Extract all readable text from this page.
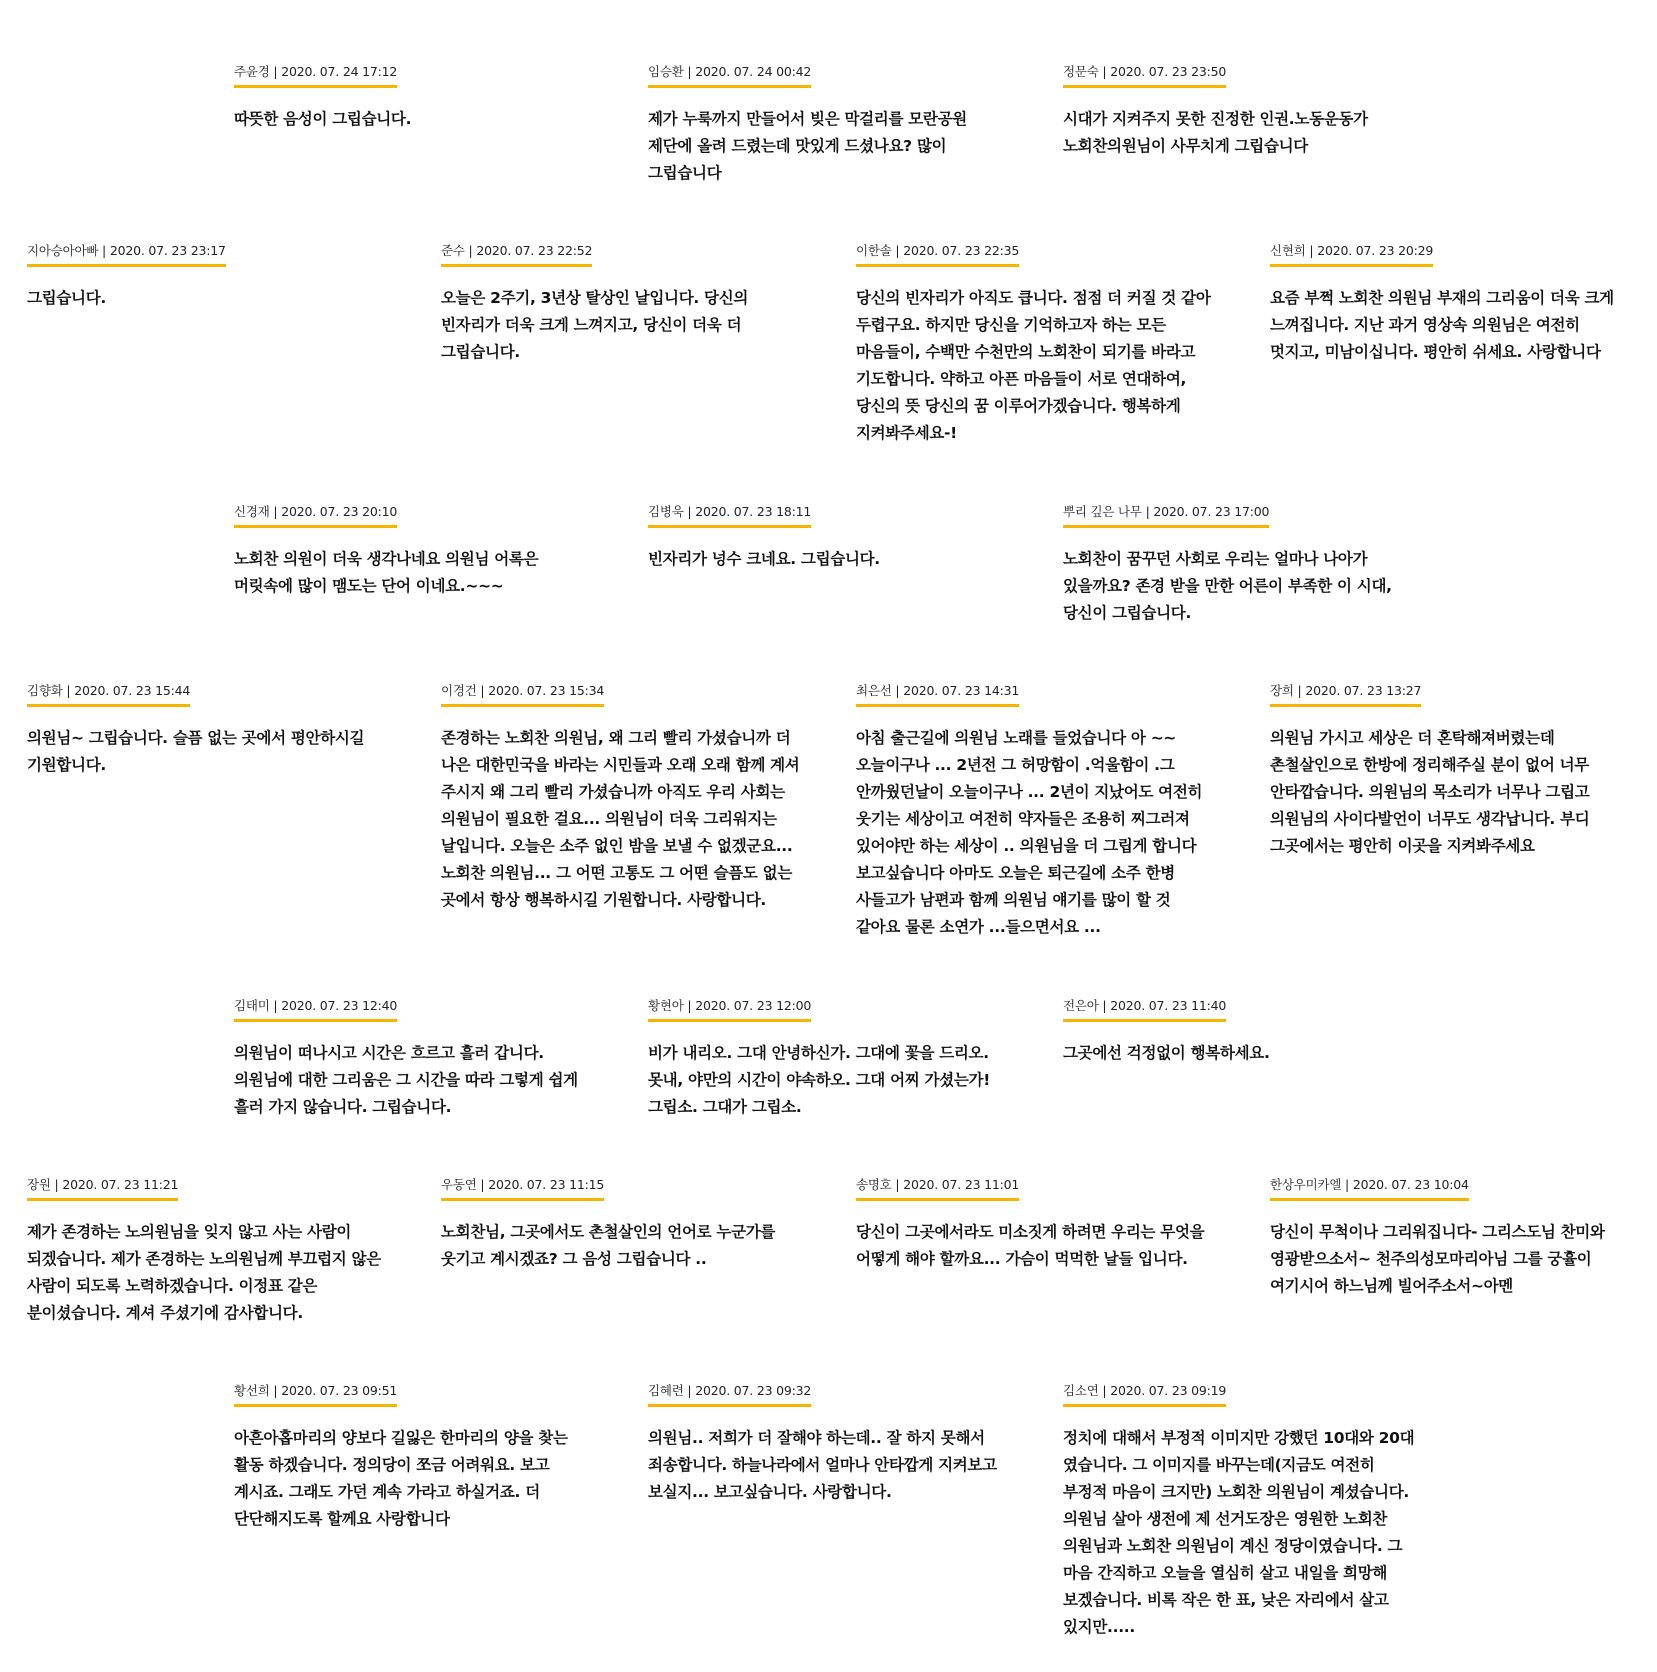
주윤경 | 2020. 07. 24 17:12
따뜻한 음성이 그립습니다.
임승환 | 2020. 07. 24 00:42
제가 누룩까지 만들어서 빚은 막걸리를 모란공원 제단에 올려 드렸는데 맛있게 드셨나요? 많이 그립습니다
정문숙 | 2020. 07. 23 23:50
시대가 지켜주지 못한 진정한 인권.노동운동가 노회찬의원님이 사무치게 그립습니다
지아승아아빠 | 2020. 07. 23 23:17
그립습니다.
준수 | 2020. 07. 23 22:52
오늘은 2주기, 3년상 탈상인 날입니다. 당신의 빈자리가 더욱 크게 느껴지고, 당신이 더욱 더 그립습니다.
이한솔 | 2020. 07. 23 22:35
당신의 빈자리가 아직도 큽니다. 점점 더 커질 것 같아 두렵구요. 하지만 당신을 기억하고자 하는 모든 마음들이, 수백만 수천만의 노회찬이 되기를 바라고 기도합니다. 약하고 아픈 마음들이 서로 연대하여, 당신의 뜻 당신의 꿈 이루어가겠습니다. 행복하게 지켜봐주세요-!
신현희 | 2020. 07. 23 20:29
요즘 부쩍 노회찬 의원님 부재의 그리움이 더욱 크게 느껴집니다. 지난 과거 영상속 의원님은 여전히 멋지고, 미남이십니다. 평안히 쉬세요. 사랑합니다
신경재 | 2020. 07. 23 20:10
노회찬 의원이 더욱 생각나네요 의원님 어록은 머릿속에 많이 맴도는 단어 이네요.~~~
김병욱 | 2020. 07. 23 18:11
빈자리가 넝수 크네요. 그립습니다.
뿌리 깊은 나무 | 2020. 07. 23 17:00
노회찬이 꿈꾸던 사회로 우리는 얼마나 나아가 있을까요? 존경 받을 만한 어른이 부족한 이 시대, 당신이 그립습니다.
김향화 | 2020. 07. 23 15:44
의원님~ 그립습니다. 슬픔 없는 곳에서 평안하시길 기원합니다.
이경건 | 2020. 07. 23 15:34
존경하는 노회찬 의원님, 왜 그리 빨리 가셨습니까 더 나은 대한민국을 바라는 시민들과 오래 오래 함께 계셔 주시지 왜 그리 빨리 가셨습니까 아직도 우리 사회는 의원님이 필요한 걸요... 의원님이 더욱 그리워지는 날입니다. 오늘은 소주 없인 밤을 보낼 수 없겠군요... 노회찬 의원님... 그 어떤 고통도 그 어떤 슬픔도 없는 곳에서 항상 행복하시길 기원합니다. 사랑합니다.
최은선 | 2020. 07. 23 14:31
아침 출근길에 의원님 노래를 들었습니다 아 ~~ 오늘이구나 ... 2년전 그 허망함이 .억울함이 .그 안까웠던날이 오늘이구나 ... 2년이 지났어도 여전히 웃기는 세상이고 여전히 약자들은 조용히 찌그러져 있어야만 하는 세상이 .. 의원님을 더 그립게 합니다 보고싶습니다 아마도 오늘은 퇴근길에 소주 한병 사들고가 남편과 함께 의원님 얘기를 많이 할 것 같아요 물론 소연가 ...들으면서요 ...
장희 | 2020. 07. 23 13:27
의원님 가시고 세상은 더 혼탁해져버렸는데 촌철살인으로 한방에 정리해주실 분이 없어 너무 안타깝습니다. 의원님의 목소리가 너무나 그립고 의원님의 사이다발언이 너무도 생각납니다. 부디 그곳에서는 평안히 이곳을 지켜봐주세요
김태미 | 2020. 07. 23 12:40
의원님이 떠나시고 시간은 흐르고 흘러 갑니다. 의원님에 대한 그리움은 그 시간을 따라 그렇게 쉽게 흘러 가지 않습니다. 그립습니다.
황현아 | 2020. 07. 23 12:00
비가 내리오. 그대 안녕하신가. 그대에 꽃을 드리오. 못내, 야만의 시간이 야속하오. 그대 어찌 가셨는가! 그립소. 그대가 그립소.
전은아 | 2020. 07. 23 11:40
그곳에선 걱정없이 행복하세요.
장원 | 2020. 07. 23 11:21
제가 존경하는 노의원님을 잊지 않고 사는 사람이 되겠습니다. 제가 존경하는 노의원님께 부끄럽지 않은 사람이 되도록 노력하겠습니다. 이정표 같은 분이셨습니다. 계셔 주셨기에 감사합니다.
우동연 | 2020. 07. 23 11:15
노회찬님, 그곳에서도 촌철살인의 언어로 누군가를 웃기고 계시겠죠? 그 음성 그립습니다 ..
송명호 | 2020. 07. 23 11:01
당신이 그곳에서라도 미소짓게 하려면 우리는 무엇을 어떻게 해야 할까요... 가슴이 먹먹한 날들 입니다.
한상우미카엘 | 2020. 07. 23 10:04
당신이 무척이나 그리워집니다- 그리스도님 찬미와 영광받으소서~ 천주의성모마리아님 그를 궁휼이 여기시어 하느님께 빌어주소서~아멘
황선희 | 2020. 07. 23 09:51
아흔아홉마리의 양보다 길잃은 한마리의 양을 찾는 활동 하겠습니다. 정의당이 쪼금 어려워요. 보고 계시죠. 그래도 가던 계속 가라고 하실거죠. 더 단단해지도록 할께요 사랑합니다
김혜련 | 2020. 07. 23 09:32
의원님.. 저희가 더 잘해야 하는데.. 잘 하지 못해서 죄송합니다. 하늘나라에서 얼마나 안타깝게 지켜보고 보실지... 보고싶습니다. 사랑합니다.
김소연 | 2020. 07. 23 09:19
정치에 대해서 부정적 이미지만 강했던 10대와 20대 였습니다. 그 이미지를 바꾸는데(지금도 여전히 부정적 마음이 크지만) 노회찬 의원님이 계셨습니다. 의원님 살아 생전에 제 선거도장은 영원한 노회찬 의원님과 노회찬 의원님이 계신 정당이였습니다. 그 마음 간직하고 오늘을 열심히 살고 내일을 희망해 보겠습니다. 비록 작은 한 표, 낮은 자리에서 살고 있지만.....
